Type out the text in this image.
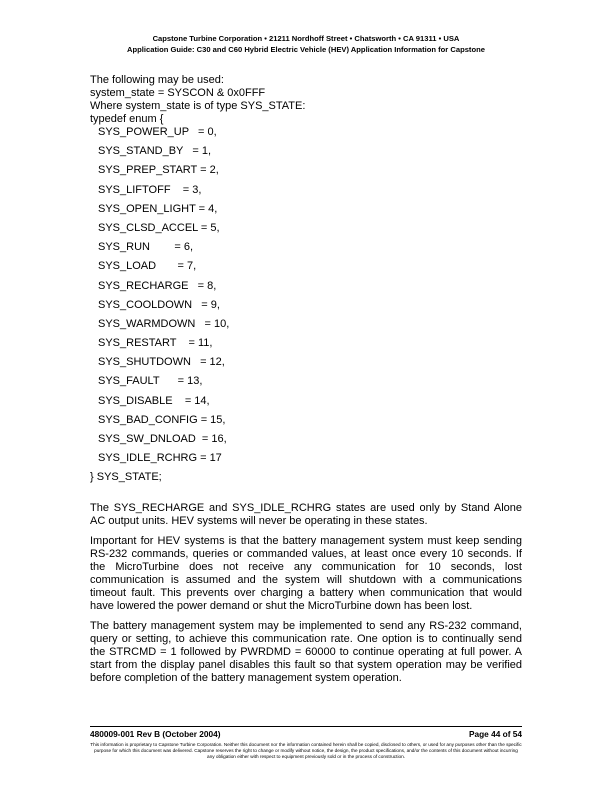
Capstone Turbine Corporation • 21211 Nordhoff Street • Chatsworth • CA 91311 • USA
Application Guide: C30 and C60 Hybrid Electric Vehicle (HEV) Application Information for Capstone

The following may be used:

system_state = SYSCON & 0x0FFF

Where system_state is of type SYS_STATE:

typedef enum {

SYS_POWER_UP   = 0,
SYS_STAND_BY   = 1,
SYS_PREP_START = 2,
SYS_LIFTOFF    = 3,
SYS_OPEN_LIGHT = 4,
SYS_CLSD_ACCEL = 5,
SYS_RUN        = 6,
SYS_LOAD       = 7,
SYS_RECHARGE   = 8,
SYS_COOLDOWN   = 9,
SYS_WARMDOWN   = 10,
SYS_RESTART    = 11,
SYS_SHUTDOWN   = 12,
SYS_FAULT      = 13,
SYS_DISABLE    = 14,
SYS_BAD_CONFIG = 15,
SYS_SW_DNLOAD  = 16,
SYS_IDLE_RCHRG = 17

} SYS_STATE;

The SYS_RECHARGE and SYS_IDLE_RCHRG states are used only by Stand Alone AC output units. HEV systems will never be operating in these states.

Important for HEV systems is that the battery management system must keep sending RS-232 commands, queries or commanded values, at least once every 10 seconds. If the MicroTurbine does not receive any communication for 10 seconds, lost communication is assumed and the system will shutdown with a communications timeout fault. This prevents over charging a battery when communication that would have lowered the power demand or shut the MicroTurbine down has been lost.

The battery management system may be implemented to send any RS-232 command, query or setting, to achieve this communication rate. One option is to continually send the STRCMD = 1 followed by PWRDMD = 60000 to continue operating at full power. A start from the display panel disables this fault so that system operation may be verified before completion of the battery management system operation.

480009-001 Rev B (October 2004)	Page 44 of 54
This information is proprietary to Capstone Turbine Corporation. Neither this document nor the information contained herein shall be copied, disclosed to others, or used for any purposes other than the specific purpose for which this document was delivered. Capstone reserves the right to change or modify without notice, the design, the product specifications, and/or the contents of this document without incurring any obligation either with respect to equipment previously sold or in the process of construction.
